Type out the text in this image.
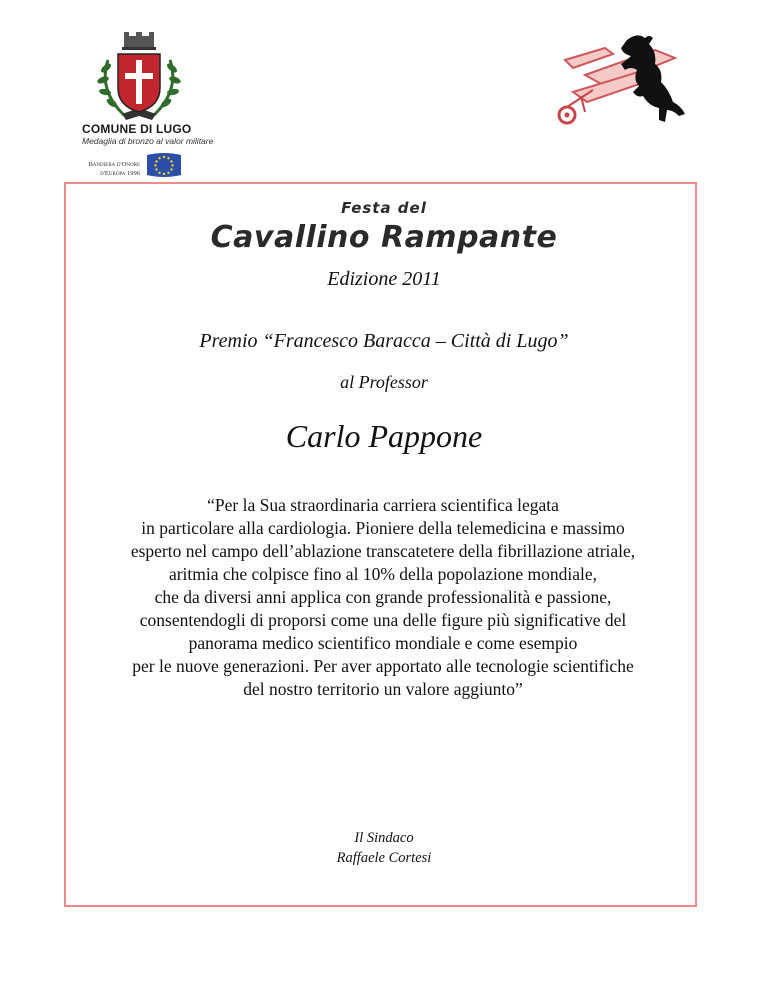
COMUNE DI LUGO
Medaglia di bronzo al valor militare
Bandiera d'Onore
d'Europa 1996
Festa del
Cavallino Rampante
Edizione 2011
Premio “Francesco Baracca – Città di Lugo”
al Professor
Carlo Pappone
“Per la Sua straordinaria carriera scientifica legata
in particolare alla cardiologia. Pioniere della telemedicina e massimo
esperto nel campo dell’ablazione transcatetere della fibrillazione atriale,
aritmia che colpisce fino al 10% della popolazione mondiale,
che da diversi anni applica con grande professionalità e passione,
consentendogli di proporsi come una delle figure più significative del
panorama medico scientifico mondiale e come esempio
per le nuove generazioni. Per aver apportato alle tecnologie scientifiche
del nostro territorio un valore aggiunto”
Il Sindaco
Raffaele Cortesi
